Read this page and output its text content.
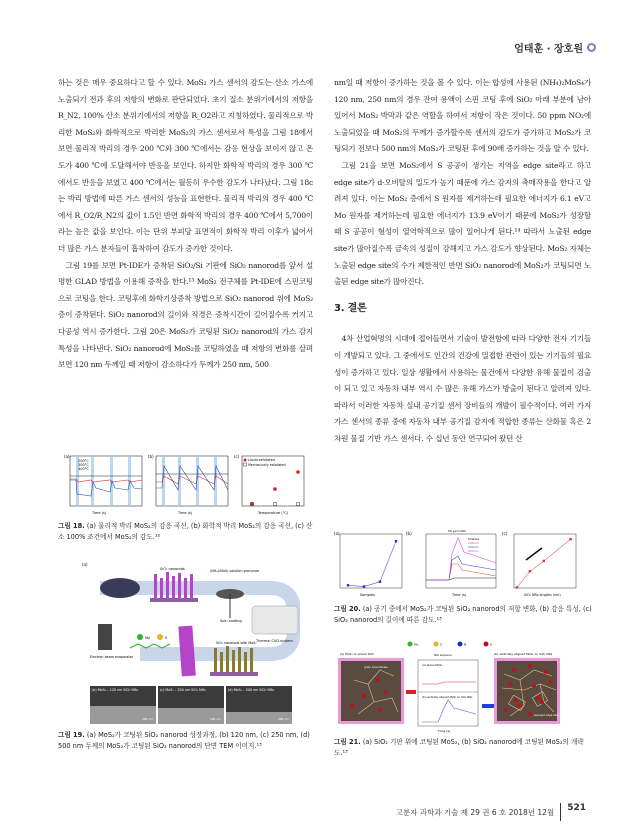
엄태훈 · 장호원

하는 것은 매우 중요하다고 할 수 있다. MoS₂ 가스 센서의 감도는 산소 가스에 노출되기 전과 후의 저항의 변화로 판단되었다. 초기 질소 분위기에서의 저항을 R_N2, 100% 산소 분위기에서의 저항을 R_O2라고 지칭하였다. 물리적으로 박리한 MoS₂와 화학적으로 박리한 MoS₂의 가스 센서로서 특성을 그림 18에서 보면 물리적 박리의 경우 200 ℃와 300 ℃에서는 감응 현상을 보이지 않고 온도가 400 ℃에 도달해서야 반응을 보인다. 하지만 화학적 박리의 경우 300 ℃에서도 반응을 보였고 400 ℃에서는 월등히 우수한 감도가 나타났다. 그림 18c는 박리 방법에 따른 가스 센서의 성능을 표현한다. 물리적 박리의 경우 400 ℃에서 R_O2/R_N2의 값이 1.5인 반면 화학적 박리의 경우 400 ℃에서 5,700이라는 높은 값을 보인다. 이는 단위 부피당 표면적이 화학적 박리 이후가 넓어서 더 많은 가스 분자들이 흡착하여 감도가 증가한 것이다.

그림 19를 보면 Pt-IDE가 증착된 SiO₂/Si 기판에 SiO₂ nanorod를 앞서 설명한 GLAD 방법을 이용해 증착을 한다.¹³ MoS₂ 전구체를 Pt-IDE에 스핀코팅으로 코팅을 한다. 코팅후에 화학기상증착 방법으로 SiO₂ nanorod 위에 MoS₂ 층이 증착된다. SiO₂ nanorod의 길이와 직경은 증착시간이 길어질수록 커지고 다공성 역시 증가한다. 그림 20은 MoS₂가 코팅된 SiO₂ nanorod의 가스 감지 특성을 나타낸다. SiO₂ nanorod에 MoS₂를 코팅하였을 때 저항의 변화를 살펴보면 120 nm 두께일 때 저항이 감소하다가 두께가 250 nm, 500

nm일 때 저항이 증가하는 것을 볼 수 있다. 이는 합성에 사용된 (NH₄)₂MoS₄가 120 nm, 250 nm의 경우 잔여 용액이 스핀 코팅 후에 SiO₂ 아래 부분에 남아 있어서 MoS₂ 박막과 같은 역할을 하여서 저항이 작은 것이다. 50 ppm NO₂에 노출되었을 때 MoS₂의 두께가 증가할수록 센서의 감도가 증가하고 MoS₂가 코팅되기 전보다 500 nm의 MoS₂가 코팅된 후에 90배 증가하는 것을 알 수 있다.

그림 21을 보면 MoS₂에서 S 공공이 생기는 지역을 edge site라고 하고 edge site가 d-오비탈의 밀도가 높기 때문에 가스 감지의 촉매작용을 한다고 알려져 있다. 이는 MoS₂ 층에서 S 원자를 제거하는데 필요한 에너지가 6.1 eV고 Mo 원자를 제거하는데 필요한 에너지가 13.9 eV이기 때문에 MoS₂가 성장할 때 S 공공이 형성이 열역학적으로 많이 일어나게 된다.¹⁴ 따라서 노출된 edge site가 많아질수록 금속의 성질이 강해지고 가스 감도가 향상된다. MoS₂ 자체는 노출된 edge site의 수가 제한적인 반면 SiO₂ nanorod에 MoS₂가 코팅되면 노출된 edge site가 많아진다.

3. 결론

4차 산업혁명의 시대에 접어들면서 기술이 발전함에 따라 다양한 전자 기기들이 개발되고 있다. 그 중에서도 인간의 건강에 밀접한 관련이 있는 기기들의 필요성이 증가하고 있다. 일상 생활에서 사용하는 물건에서 다양한 유해 물질이 검출이 되고 있고 자동차 내부 역시 수 많은 유해 가스가 방출이 된다고 알려져 있다. 따라서 이러한 자동차 실내 공기질 센서 장비들의 개발이 필수적이다. 여러 가지 가스 센서의 종류 중에 자동차 내부 공기질 감지에 적합한 종류는 산화물 혹은 2차원 물질 기반 가스 센서다. 수 십년 동안 연구되어 왔던 산

(a)
200°C
300°C
400°C
Time (s)
(b)
Time (s)
(c)
Liquid-exfoliated
Mechanically exfoliated
Temperature (°C)
그림 18. (a) 물리적 박리 MoS₂의 감응 곡선, (b) 화학적 박리 MoS₂의 감응 곡선, (c) 산소 100% 조건에서 MoS₂의 감도.¹²
(a)
SiO₂ nanorods
Spin coating
(NH₄)₂MoS₄ solution precursor
Thermal CVD system
Electron beam evaporator
Mo	S
SiO₂ nanorods with MoS₂
(b) MoS₂ – 120 nm SiO₂ NRs	(c) MoS₂ – 250 nm SiO₂ NRs	(d) MoS₂ – 500 nm SiO₂ NRs
200 nm	200 nm	200 nm
그림 19. (a) MoS₂가 코팅된 SiO₂ nanorod 성장과정, (b) 120 nm, (c) 250 nm, (d) 500 nm 두께의 MoS₂가 코팅된 SiO₂ nanorod의 단면 TEM 이미지.¹³
(a)
Samples
(b)
Pristine
120nm
250nm
500nm
50 ppm NO₂
Time (s)
(c)
SiO₂ NRs lengths (nm)
그림 20. (a) 공기 중에서 MoS₂가 코팅된 SiO₂ nanorod의 저항 변화, (b) 감응 특성, (c) SiO₂ nanorod의 길이에 따른 감도.¹³
Mo	S	N	O
(a) MoS₂ on plane SiO₂
grain boundaries	(a) plane MoS₂
(b) vertically aligned MoS₂ on SiO₂ NRs
Time (s)
NO₂ exposure	(b) vertically aligned MoS₂ on SiO₂ NRs
exposed edge sites
그림 21. (a) SiO₂ 기판 위에 코팅된 MoS₂, (b) SiO₂ nanorod에 코팅된 MoS₂의 개략도.¹³
고분자 과학과 기술 제 29 권 6 호 2018년 12월	521
